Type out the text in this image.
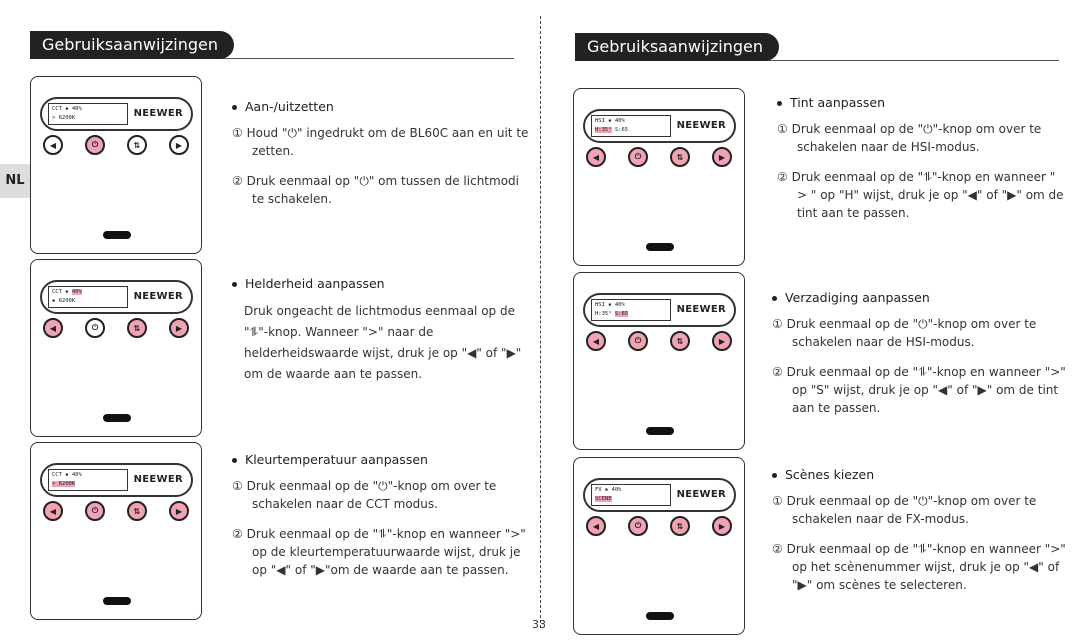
Gebruiksaanwijzingen
CCT ▪ 40%
> 6200K	NEEWER
◀	⏻	⇅	▶
CCT ▪ 40%
▪ 6200K	NEEWER
◀	⏻	⇅	▶
CCT ▪ 40%
> 6200K	NEEWER
◀	⏻	⇅	▶
Aan-/uitzetten
① Houd "⏻" ingedrukt om de BL60C aan en uit te zetten.
② Druk eenmaal op "⏻" om tussen de lichtmodi te schakelen.
Helderheid aanpassen
Druk ongeacht de lichtmodus eenmaal op de "⥮"-knop. Wanneer ">" naar de helderheidswaarde wijst, druk je op "◀" of "▶" om de waarde aan te passen.
Kleurtemperatuur aanpassen
① Druk eenmaal op de "⏻"-knop om over te schakelen naar de CCT modus.
② Druk eenmaal op de "⥮"-knop en wanneer ">" op de kleurtemperatuurwaarde wijst, druk je op "◀" of "▶"om de waarde aan te passen.
NL
33
Gebruiksaanwijzingen
HSI ▪ 40%
H:35° S:65	NEEWER
◀	⏻	⇅	▶
HSI ▪ 40%
H:35° S:65	NEEWER
◀	⏻	⇅	▶
FX ▪ 40%
SCENE	NEEWER
◀	⏻	⇅	▶
Tint aanpassen
① Druk eenmaal op de "⏻"-knop om over te schakelen naar de HSI-modus.
② Druk eenmaal op de "⥮"-knop en wanneer " > " op "H" wijst, druk je op "◀" of "▶" om de tint aan te passen.
Verzadiging aanpassen
① Druk eenmaal op de "⏻"-knop om over te schakelen naar de HSI-modus.
② Druk eenmaal op de "⥮"-knop en wanneer ">" op "S" wijst, druk je op "◀" of "▶" om de tint aan te passen.
Scènes kiezen
① Druk eenmaal op de "⏻"-knop om over te schakelen naar de FX-modus.
② Druk eenmaal op de "⥮"-knop en wanneer ">" op het scènenummer wijst, druk je op "◀" of "▶" om scènes te selecteren.
